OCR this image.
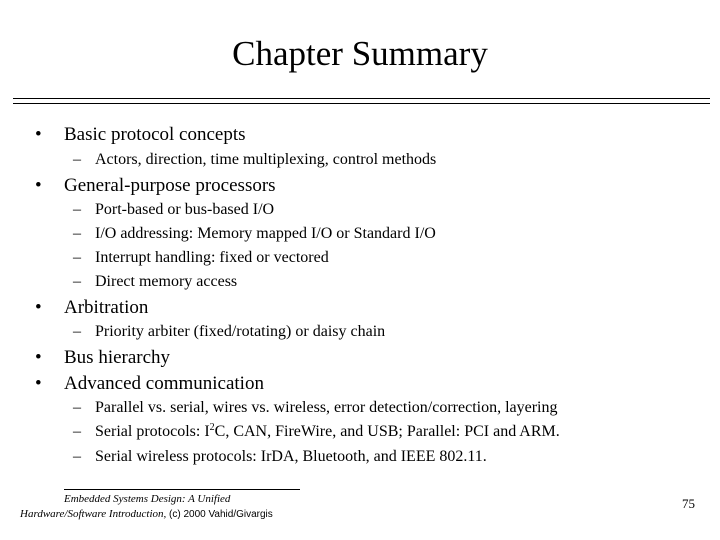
Chapter Summary
• Basic protocol concepts
– Actors, direction, time multiplexing, control methods
• General-purpose processors
– Port-based or bus-based I/O
– I/O addressing: Memory mapped I/O or Standard I/O
– Interrupt handling: fixed or vectored
– Direct memory access
• Arbitration
– Priority arbiter (fixed/rotating) or daisy chain
• Bus hierarchy
• Advanced communication
– Parallel vs. serial, wires vs. wireless, error detection/correction, layering
– Serial protocols: $I^2C$, CAN, FireWire, and USB; Parallel: PCI and ARM.
– Serial wireless protocols: IrDA, Bluetooth, and IEEE 802.11.
Embedded Systems Design: A Unified
Hardware/Software Introduction, (c) 2000 Vahid/Givargis
75
